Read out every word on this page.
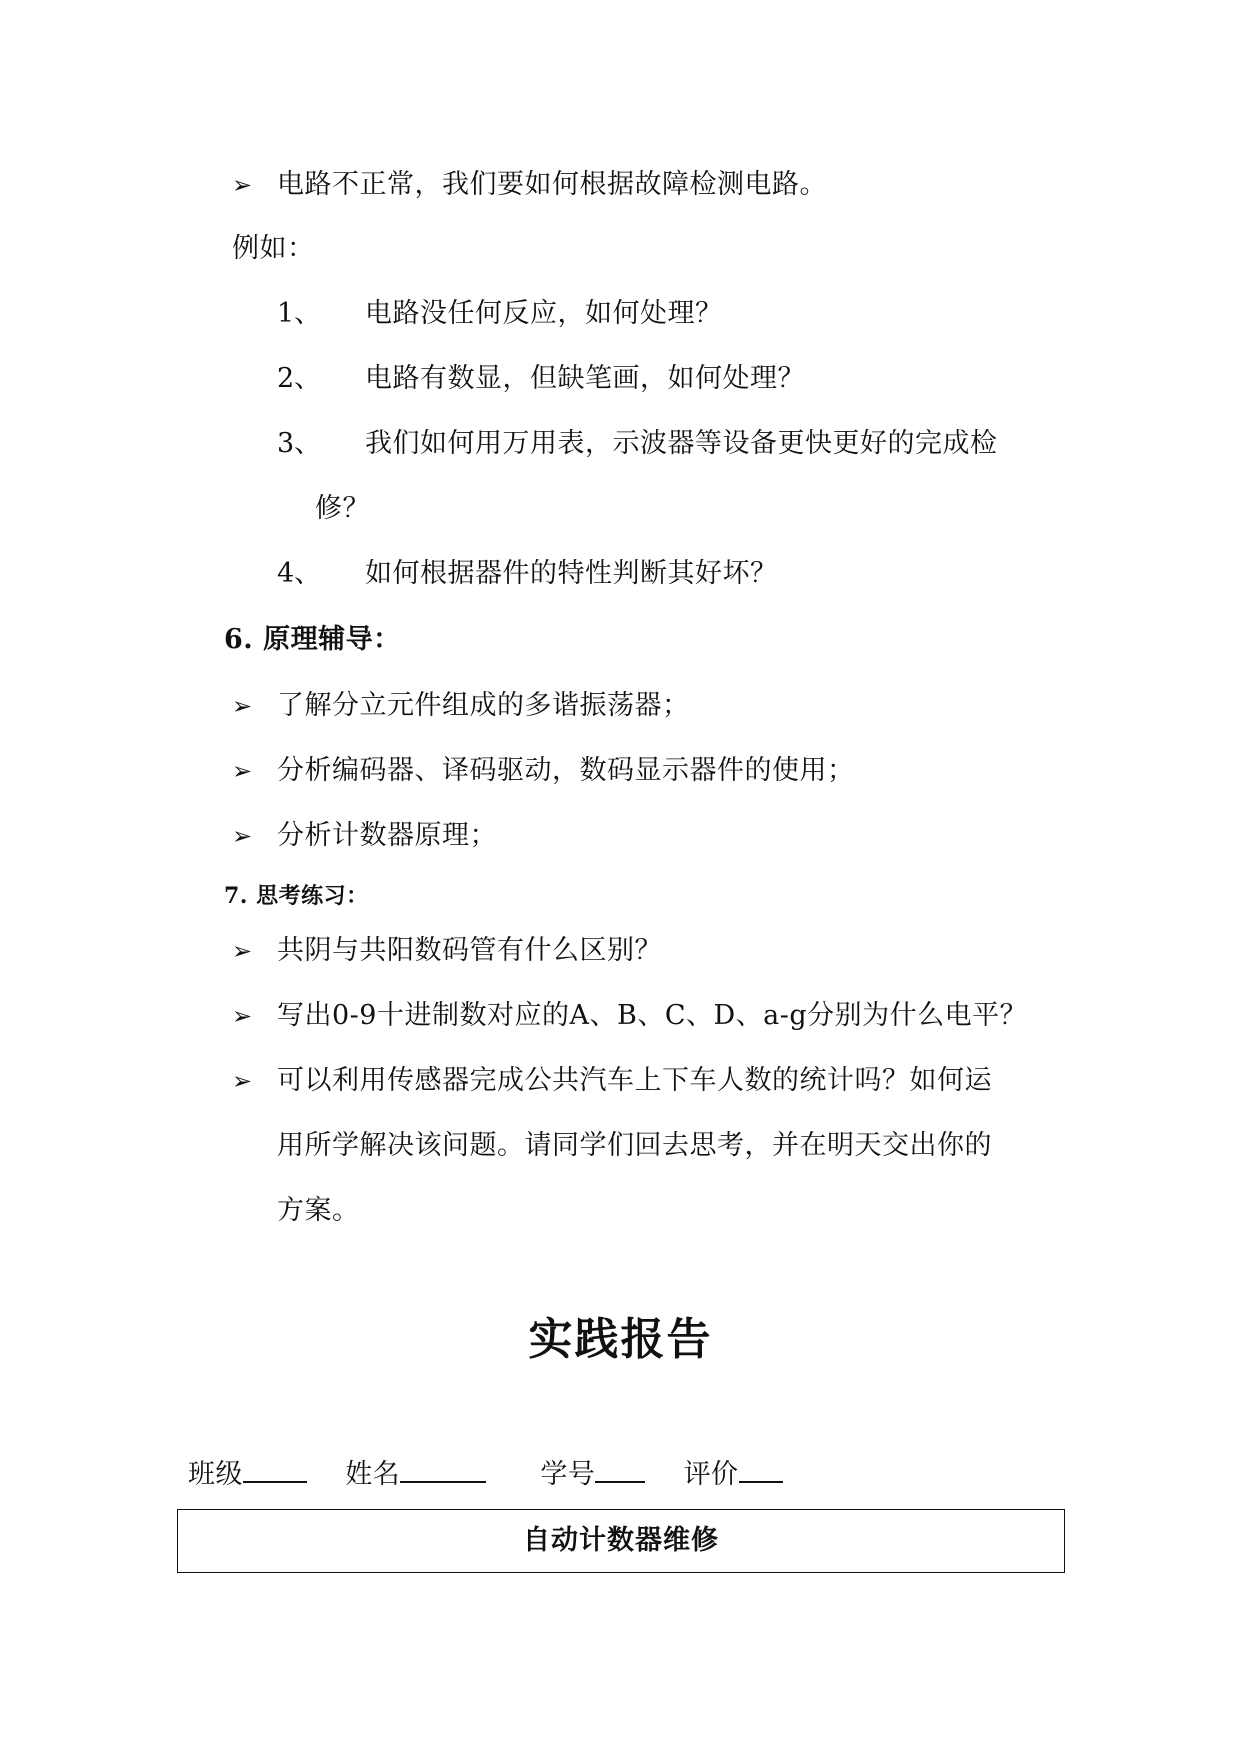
➢ 电路不正常，我们要如何根据故障检测电路。
例如：
1、 电路没任何反应，如何处理？
2、 电路有数显，但缺笔画，如何处理？
3、 我们如何用万用表，示波器等设备更快更好的完成检
修？
4、 如何根据器件的特性判断其好坏？
6. 原理辅导：
➢ 了解分立元件组成的多谐振荡器；
➢ 分析编码器、译码驱动，数码显示器件的使用；
➢ 分析计数器原理；
7. 思考练习：
➢ 共阴与共阳数码管有什么区别？
➢ 写出0-9十进制数对应的A、B、C、D、a-g分别为什么电平？
➢ 可以利用传感器完成公共汽车上下车人数的统计吗？如何运
用所学解决该问题。请同学们回去思考，并在明天交出你的
方案。
实践报告
班级	姓名	学号	评价
自动计数器维修
